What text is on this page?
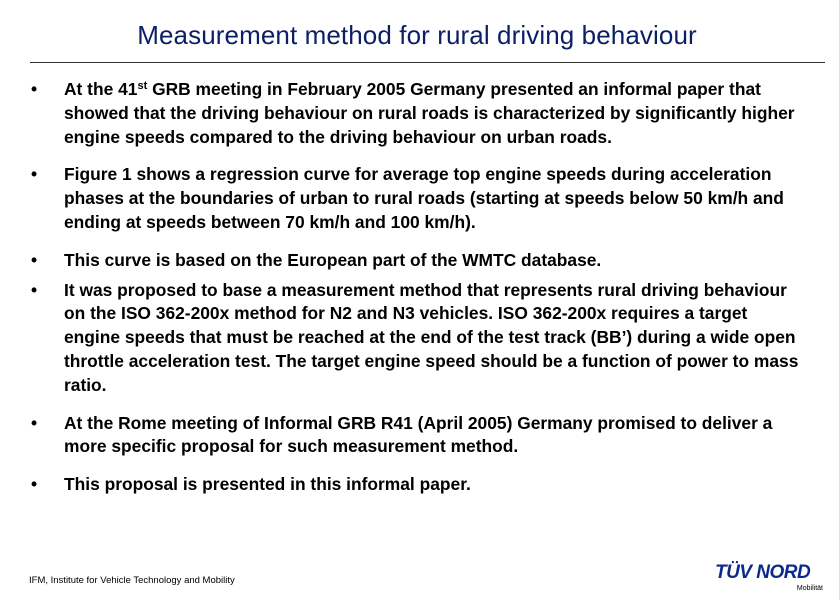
Measurement method for rural driving behaviour
• At the 41st GRB meeting in February 2005 Germany presented an informal paper that showed that the driving behaviour on rural roads is characterized by significantly higher engine speeds compared to the driving behaviour on urban roads.
• Figure 1 shows a regression curve for average top engine speeds during acceleration phases at the boundaries of urban to rural roads (starting at speeds below 50 km/h and ending at speeds between 70 km/h and 100 km/h).
• This curve is based on the European part of the WMTC database.
• It was proposed to base a measurement method that represents rural driving behaviour on the ISO 362-200x method for N2 and N3 vehicles. ISO 362-200x requires a target engine speeds that must be reached at the end of the test track (BB’) during a wide open throttle acceleration test. The target engine speed should be a function of power to mass ratio.
• At the Rome meeting of Informal GRB R41 (April 2005) Germany promised to deliver a more specific proposal for such measurement method.
• This proposal is presented in this informal paper.
IFM, Institute for Vehicle Technology and Mobility	TÜV NORD
Mobilität
